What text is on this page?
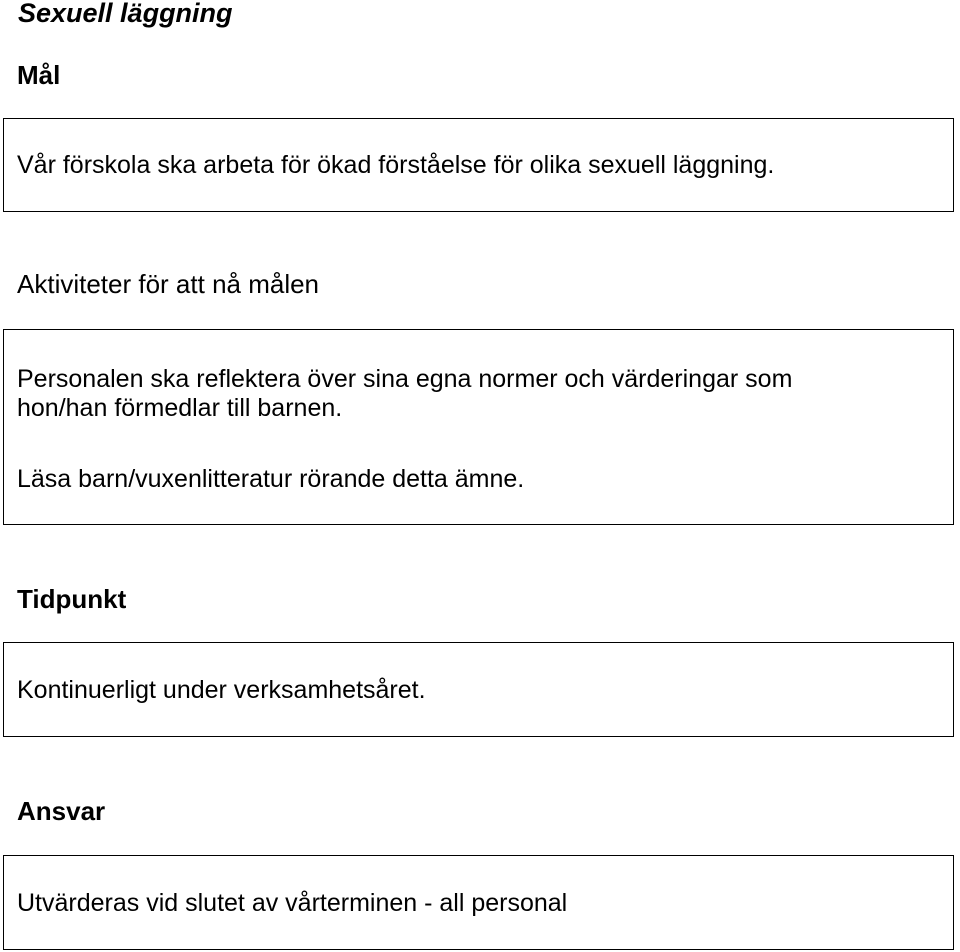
Sexuell läggning
Mål
Vår förskola ska arbeta för ökad förståelse för olika sexuell läggning.
Aktiviteter för att nå målen
Personalen ska reflektera över sina egna normer och värderingar som
hon/han förmedlar till barnen.
Läsa barn/vuxenlitteratur rörande detta ämne.
Tidpunkt
Kontinuerligt under verksamhetsåret.
Ansvar
Utvärderas vid slutet av vårterminen - all personal
